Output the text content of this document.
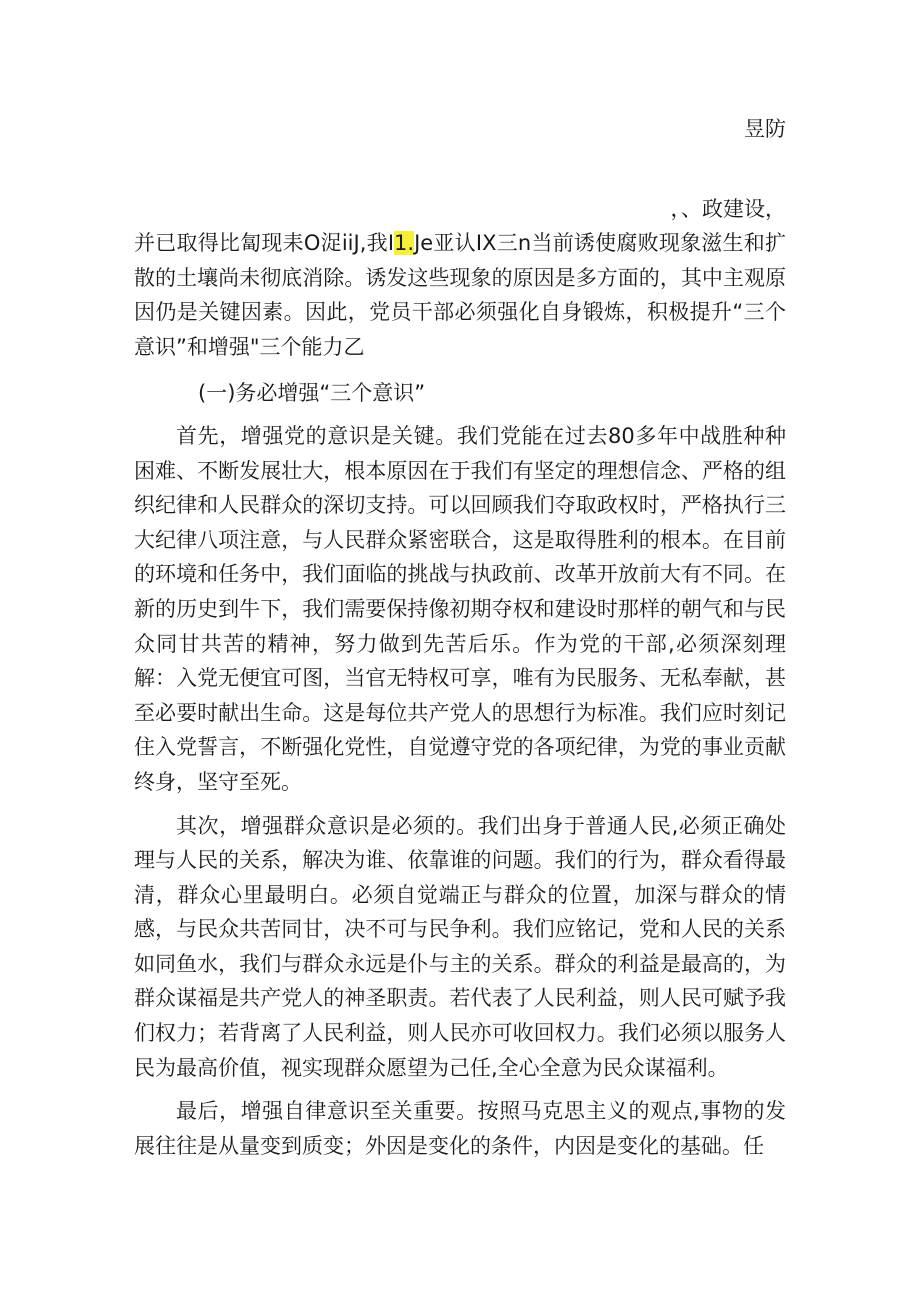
昱防
，、政建设，

并已取得比匐现耒O浞iiJ,我I1.Je亚认IX三n当前诱使腐败现象滋生和扩散的土壤尚未彻底消除。诱发这些现象的原因是多方面的，其中主观原因仍是关键因素。因此，党员干部必须强化自身锻炼，积极提升“三个意识”和增强"三个能力乙

(一)务必增强“三个意识”

首先，增强党的意识是关键。我们党能在过去80多年中战胜种种困难、不断发展壮大，根本原因在于我们有坚定的理想信念、严格的组织纪律和人民群众的深切支持。可以回顾我们夺取政权时，严格执行三大纪律八项注意，与人民群众紧密联合，这是取得胜利的根本。在目前的环境和任务中，我们面临的挑战与执政前、改革开放前大有不同。在新的历史到牛下，我们需要保持像初期夺权和建设时那样的朝气和与民众同甘共苦的精神，努力做到先苦后乐。作为党的干部,必须深刻理解：入党无便宜可图，当官无特权可享，唯有为民服务、无私奉献，甚至必要时献出生命。这是每位共产党人的思想行为标准。我们应时刻记住入党誓言，不断强化党性，自觉遵守党的各项纪律，为党的事业贡献终身，坚守至死。

其次，增强群众意识是必须的。我们出身于普通人民,必须正确处理与人民的关系，解决为谁、依靠谁的问题。我们的行为，群众看得最清，群众心里最明白。必须自觉端正与群众的位置，加深与群众的情感，与民众共苦同甘，决不可与民争利。我们应铭记，党和人民的关系如同鱼水，我们与群众永远是仆与主的关系。群众的利益是最高的，为群众谋福是共产党人的神圣职责。若代表了人民利益，则人民可赋予我们权力；若背离了人民利益，则人民亦可收回权力。我们必须以服务人民为最高价值，视实现群众愿望为己任,全心全意为民众谋福利。

最后，增强自律意识至关重要。按照马克思主义的观点,事物的发展往往是从量变到质变；外因是变化的条件，内因是变化的基础。任
